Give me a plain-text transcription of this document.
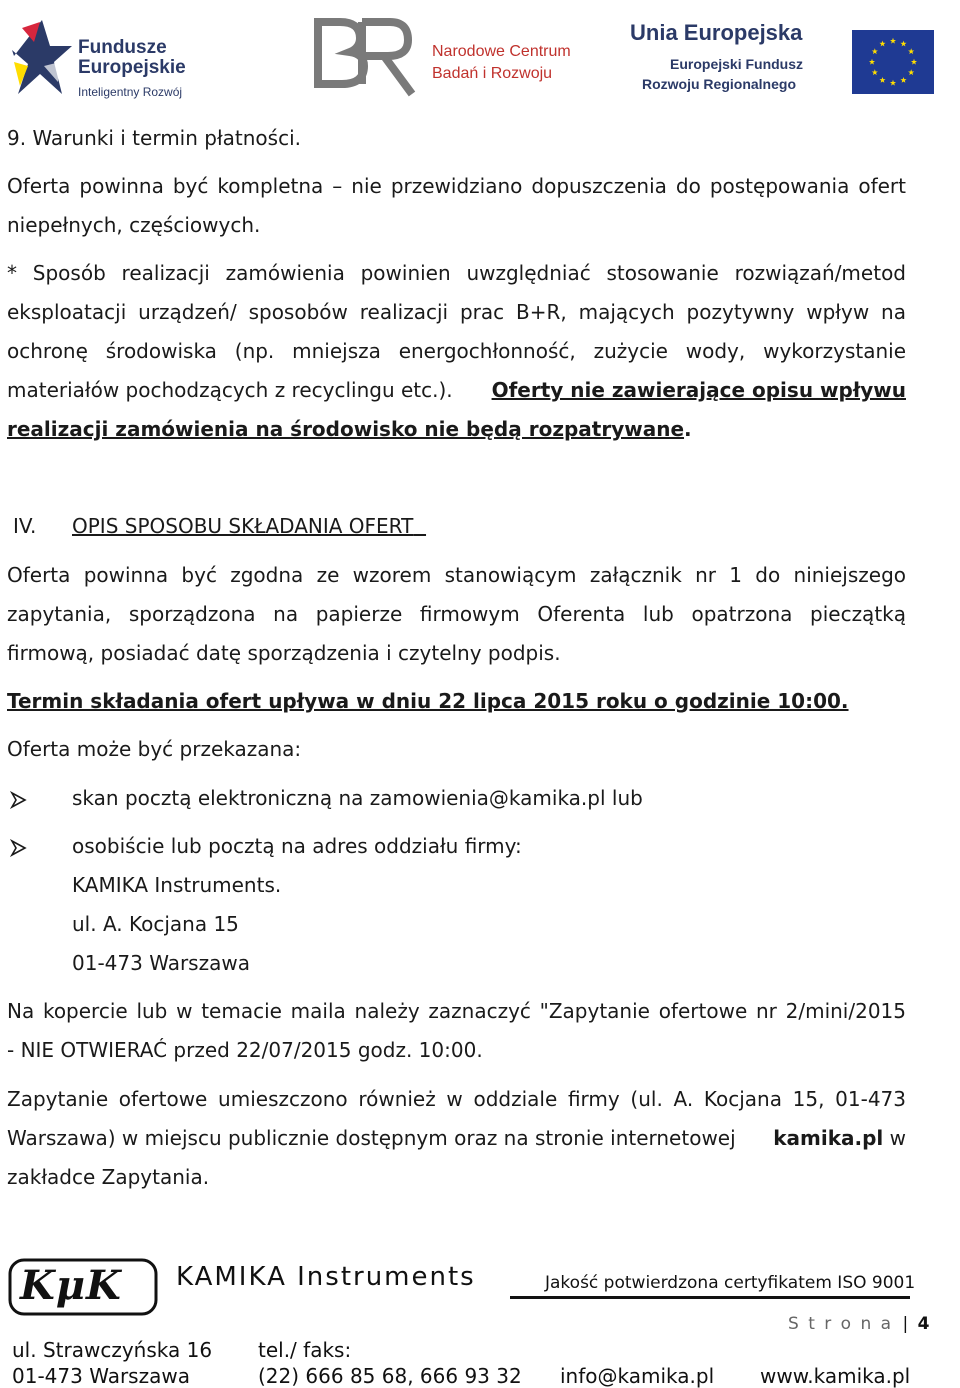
Fundusze
Europejskie
Inteligentny Rozwój
Narodowe Centrum
Badań i Rozwoju
Unia Europejska
Europejski Fundusz
Rozwoju Regionalnego
9. Warunki i termin płatności.
Oferta powinna być kompletna – nie przewidziano dopuszczenia do postępowania ofert
niepełnych, częściowych.
* Sposób realizacji zamówienia powinien uwzględniać stosowanie rozwiązań/metod
eksploatacji urządzeń/ sposobów realizacji prac B+R, mających pozytywny wpływ na
ochronę środowiska (np. mniejsza energochłonność, zużycie wody, wykorzystanie
materiałów pochodzących z recyclingu etc.). Oferty nie zawierające opisu wpływu
realizacji zamówienia na środowisko nie będą rozpatrywane.
IV. OPIS SPOSOBU SKŁADANIA OFERT
Oferta powinna być zgodna ze wzorem stanowiącym załącznik nr 1 do niniejszego
zapytania, sporządzona na papierze firmowym Oferenta lub opatrzona pieczątką
firmową, posiadać datę sporządzenia i czytelny podpis.
Termin składania ofert upływa w dniu 22 lipca 2015 roku o godzinie 10:00.
Oferta może być przekazana:
skan pocztą elektroniczną na zamowienia@kamika.pl lub
osobiście lub pocztą na adres oddziału firmy:
KAMIKA Instruments.
ul. A. Kocjana 15
01-473 Warszawa
Na kopercie lub w temacie maila należy zaznaczyć "Zapytanie ofertowe nr 2/mini/2015
- NIE OTWIERAĆ przed 22/07/2015 godz. 10:00.
Zapytanie ofertowe umieszczono również w oddziale firmy (ul. A. Kocjana 15, 01-473
Warszawa) w miejscu publicznie dostępnym oraz na stronie internetowej kamika.pl w
zakładce Zapytania.
KμK KAMIKA Instruments	Jakość potwierdzona certyfikatem ISO 9001
S t r o n a | 4
ul. Strawczyńska 16
01-473 Warszawa
tel./ faks:
(22) 666 85 68, 666 93 32 info@kamika.pl www.kamika.pl
